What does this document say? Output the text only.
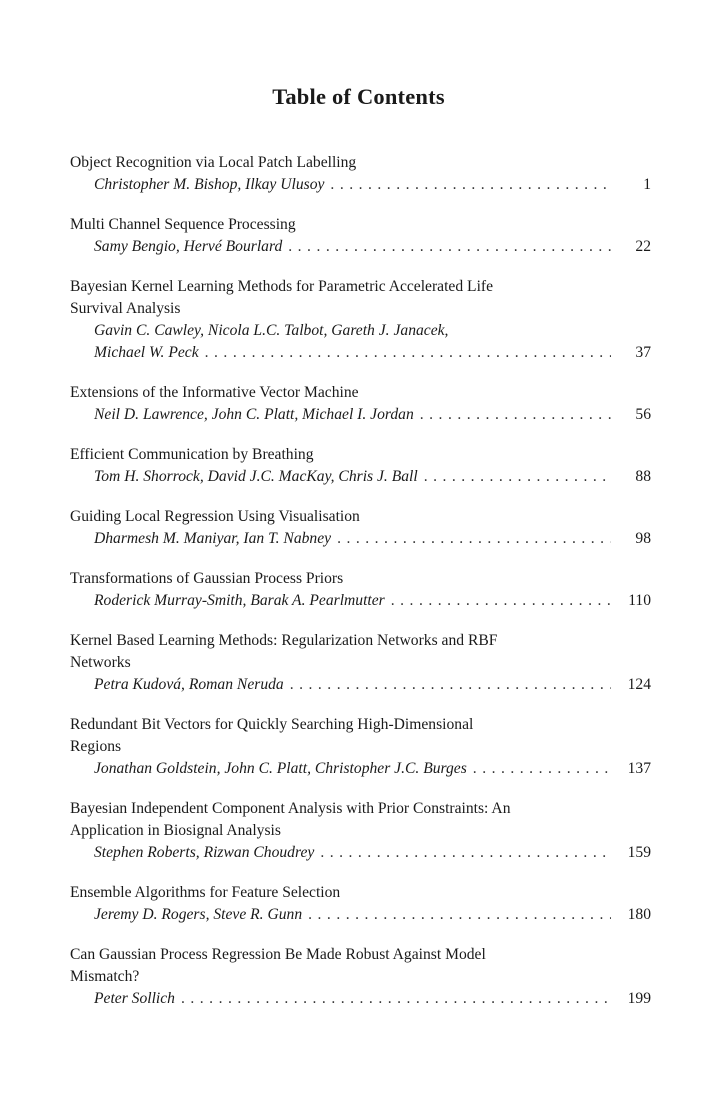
Table of Contents
Object Recognition via Local Patch Labelling
Christopher M. Bishop, Ilkay Ulusoy . . .	1
Multi Channel Sequence Processing
Samy Bengio, Hervé Bourlard . . .	22
Bayesian Kernel Learning Methods for Parametric Accelerated Life
Survival Analysis
Gavin C. Cawley, Nicola L.C. Talbot, Gareth J. Janacek,
Michael W. Peck . . .	37
Extensions of the Informative Vector Machine
Neil D. Lawrence, John C. Platt, Michael I. Jordan . . .	56
Efficient Communication by Breathing
Tom H. Shorrock, David J.C. MacKay, Chris J. Ball . . .	88
Guiding Local Regression Using Visualisation
Dharmesh M. Maniyar, Ian T. Nabney . . .	98
Transformations of Gaussian Process Priors
Roderick Murray-Smith, Barak A. Pearlmutter . . .	110
Kernel Based Learning Methods: Regularization Networks and RBF
Networks
Petra Kudová, Roman Neruda . . .	124
Redundant Bit Vectors for Quickly Searching High-Dimensional
Regions
Jonathan Goldstein, John C. Platt, Christopher J.C. Burges . . .	137
Bayesian Independent Component Analysis with Prior Constraints: An
Application in Biosignal Analysis
Stephen Roberts, Rizwan Choudrey . . .	159
Ensemble Algorithms for Feature Selection
Jeremy D. Rogers, Steve R. Gunn . . .	180
Can Gaussian Process Regression Be Made Robust Against Model
Mismatch?
Peter Sollich . . .	199
